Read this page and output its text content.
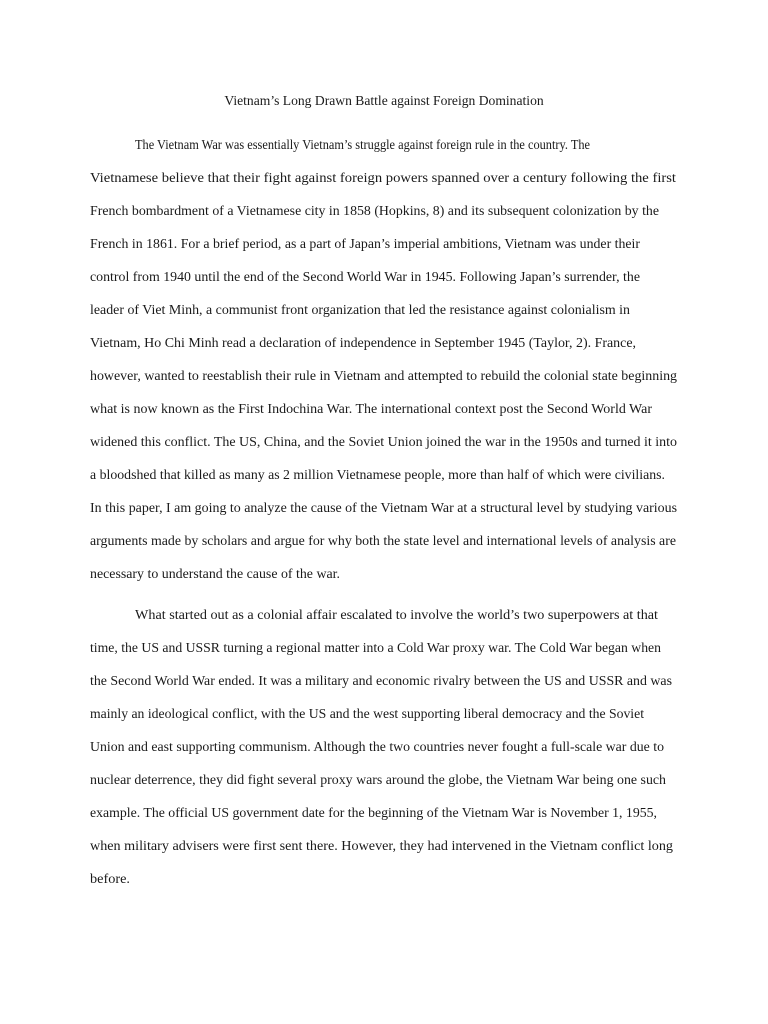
Vietnam’s Long Drawn Battle against Foreign Domination
The Vietnam War was essentially Vietnam’s struggle against foreign rule in the country. The
Vietnamese believe that their fight against foreign powers spanned over a century following the first
French bombardment of a Vietnamese city in 1858 (Hopkins, 8) and its subsequent colonization by the
French in 1861. For a brief period, as a part of Japan’s imperial ambitions, Vietnam was under their
control from 1940 until the end of the Second World War in 1945. Following Japan’s surrender, the
leader of Viet Minh, a communist front organization that led the resistance against colonialism in
Vietnam, Ho Chi Minh read a declaration of independence in September 1945 (Taylor, 2). France,
however, wanted to reestablish their rule in Vietnam and attempted to rebuild the colonial state beginning
what is now known as the First Indochina War. The international context post the Second World War
widened this conflict. The US, China, and the Soviet Union joined the war in the 1950s and turned it into
a bloodshed that killed as many as 2 million Vietnamese people, more than half of which were civilians.
In this paper, I am going to analyze the cause of the Vietnam War at a structural level by studying various
arguments made by scholars and argue for why both the state level and international levels of analysis are
necessary to understand the cause of the war.
What started out as a colonial affair escalated to involve the world’s two superpowers at that
time, the US and USSR turning a regional matter into a Cold War proxy war. The Cold War began when
the Second World War ended. It was a military and economic rivalry between the US and USSR and was
mainly an ideological conflict, with the US and the west supporting liberal democracy and the Soviet
Union and east supporting communism. Although the two countries never fought a full-scale war due to
nuclear deterrence, they did fight several proxy wars around the globe, the Vietnam War being one such
example. The official US government date for the beginning of the Vietnam War is November 1, 1955,
when military advisers were first sent there. However, they had intervened in the Vietnam conflict long
before.
